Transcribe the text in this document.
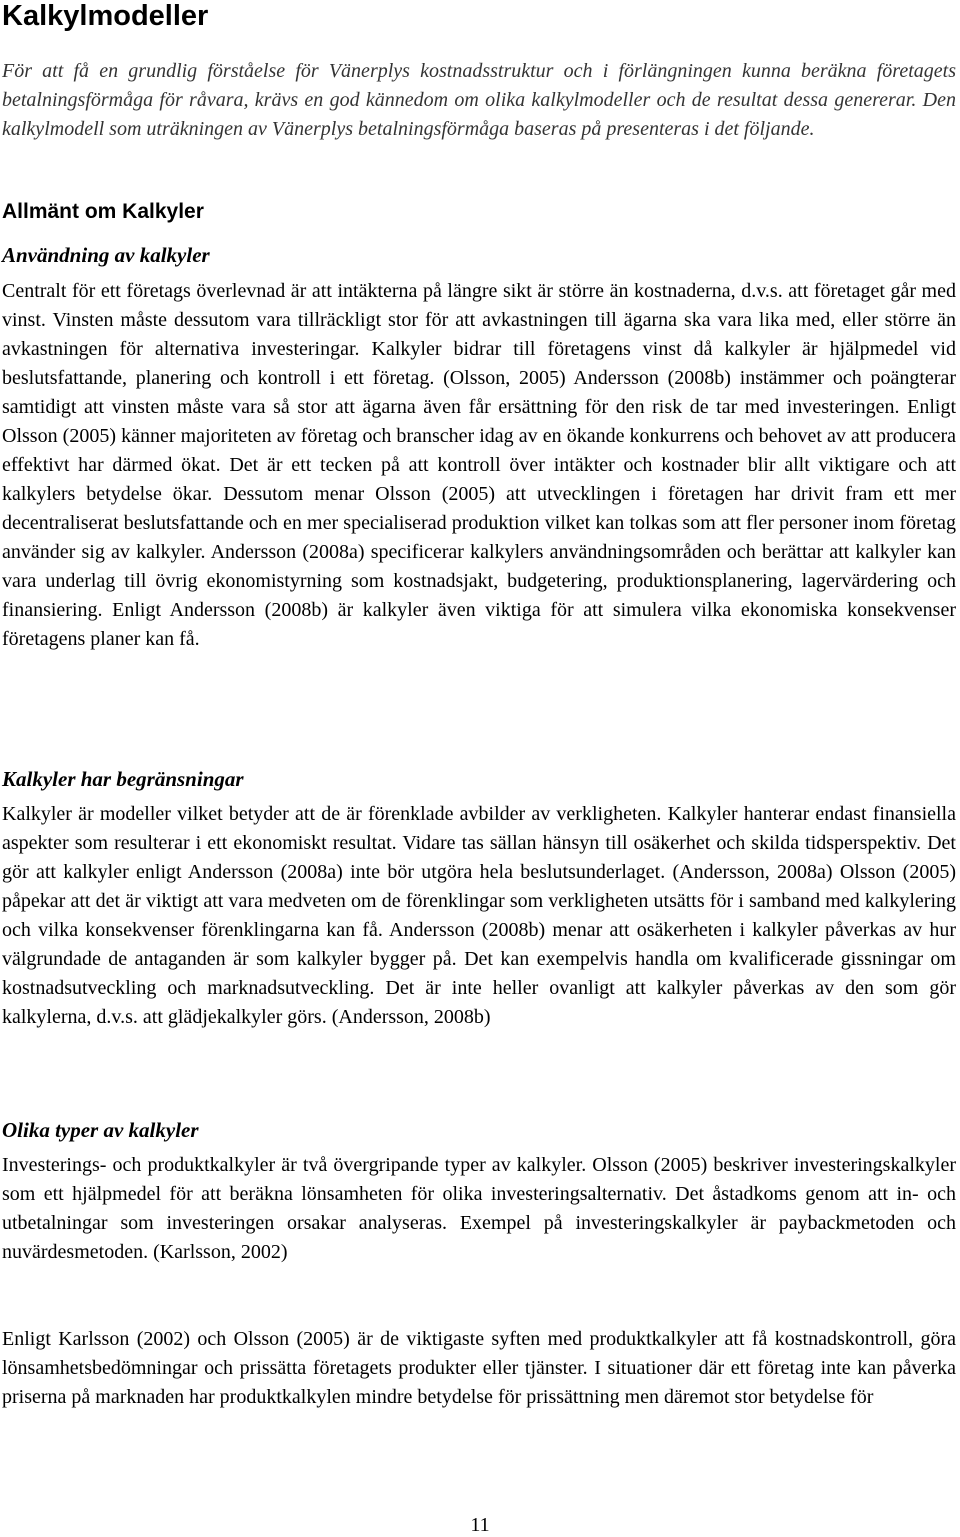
Kalkylmodeller

För att få en grundlig förståelse för Vänerplys kostnadsstruktur och i förlängningen kunna beräkna företagets betalningsförmåga för råvara, krävs en god kännedom om olika kalkylmodeller och de resultat dessa genererar. Den kalkylmodell som uträkningen av Vänerplys betalningsförmåga baseras på presenteras i det följande.

Allmänt om Kalkyler
Användning av kalkyler

Centralt för ett företags överlevnad är att intäkterna på längre sikt är större än kostnaderna, d.v.s. att företaget går med vinst. Vinsten måste dessutom vara tillräckligt stor för att avkastningen till ägarna ska vara lika med, eller större än avkastningen för alternativa investeringar. Kalkyler bidrar till företagens vinst då kalkyler är hjälpmedel vid beslutsfattande, planering och kontroll i ett företag. (Olsson, 2005) Andersson (2008b) instämmer och poängterar samtidigt att vinsten måste vara så stor att ägarna även får ersättning för den risk de tar med investeringen. Enligt Olsson (2005) känner majoriteten av företag och branscher idag av en ökande konkurrens och behovet av att producera effektivt har därmed ökat. Det är ett tecken på att kontroll över intäkter och kostnader blir allt viktigare och att kalkylers betydelse ökar. Dessutom menar Olsson (2005) att utvecklingen i företagen har drivit fram ett mer decentraliserat beslutsfattande och en mer specialiserad produktion vilket kan tolkas som att fler personer inom företag använder sig av kalkyler. Andersson (2008a) specificerar kalkylers användningsområden och berättar att kalkyler kan vara underlag till övrig ekonomistyrning som kostnadsjakt, budgetering, produktionsplanering, lagervärdering och finansiering. Enligt Andersson (2008b) är kalkyler även viktiga för att simulera vilka ekonomiska konsekvenser företagens planer kan få.

Kalkyler har begränsningar

Kalkyler är modeller vilket betyder att de är förenklade avbilder av verkligheten. Kalkyler hanterar endast finansiella aspekter som resulterar i ett ekonomiskt resultat. Vidare tas sällan hänsyn till osäkerhet och skilda tidsperspektiv. Det gör att kalkyler enligt Andersson (2008a) inte bör utgöra hela beslutsunderlaget. (Andersson, 2008a) Olsson (2005) påpekar att det är viktigt att vara medveten om de förenklingar som verkligheten utsätts för i samband med kalkylering och vilka konsekvenser förenklingarna kan få. Andersson (2008b) menar att osäkerheten i kalkyler påverkas av hur välgrundade de antaganden är som kalkyler bygger på. Det kan exempelvis handla om kvalificerade gissningar om kostnadsutveckling och marknadsutveckling. Det är inte heller ovanligt att kalkyler påverkas av den som gör kalkylerna, d.v.s. att glädjekalkyler görs. (Andersson, 2008b)

Olika typer av kalkyler

Investerings- och produktkalkyler är två övergripande typer av kalkyler. Olsson (2005) beskriver investeringskalkyler som ett hjälpmedel för att beräkna lönsamheten för olika investeringsalternativ. Det åstadkoms genom att in- och utbetalningar som investeringen orsakar analyseras. Exempel på investeringskalkyler är paybackmetoden och nuvärdesmetoden. (Karlsson, 2002)

Enligt Karlsson (2002) och Olsson (2005) är de viktigaste syften med produktkalkyler att få kostnadskontroll, göra lönsamhetsbedömningar och prissätta företagets produkter eller tjänster. I situationer där ett företag inte kan påverka priserna på marknaden har produktkalkylen mindre betydelse för prissättning men däremot stor betydelse för

11
